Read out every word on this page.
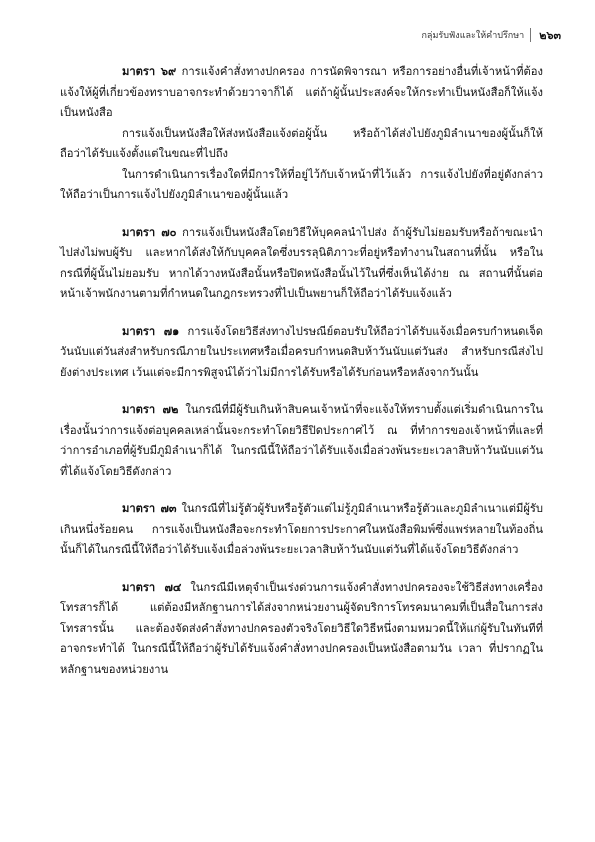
กลุ่มรับฟังและให้คำปรึกษา	๒๖๓

มาตรา ๖๙ การแจ้งคำสั่งทางปกครอง การนัดพิจารณา หรือการอย่างอื่นที่เจ้าหน้าที่ต้องแจ้งให้ผู้ที่เกี่ยวข้องทราบอาจกระทำด้วยวาจาก็ได้ แต่ถ้าผู้นั้นประสงค์จะให้กระทำเป็นหนังสือก็ให้แจ้งเป็นหนังสือ

การแจ้งเป็นหนังสือให้ส่งหนังสือแจ้งต่อผู้นั้น หรือถ้าได้ส่งไปยังภูมิลำเนาของผู้นั้นก็ให้ถือว่าได้รับแจ้งตั้งแต่ในขณะที่ไปถึง

ในการดำเนินการเรื่องใดที่มีการให้ที่อยู่ไว้กับเจ้าหน้าที่ไว้แล้ว การแจ้งไปยังที่อยู่ดังกล่าวให้ถือว่าเป็นการแจ้งไปยังภูมิลำเนาของผู้นั้นแล้ว

มาตรา ๗๐ การแจ้งเป็นหนังสือโดยวิธีให้บุคคลนำไปส่ง ถ้าผู้รับไม่ยอมรับหรือถ้าขณะนำไปส่งไม่พบผู้รับ และหากได้ส่งให้กับบุคคลใดซึ่งบรรลุนิติภาวะที่อยู่หรือทำงานในสถานที่นั้น หรือในกรณีที่ผู้นั้นไม่ยอมรับ หากได้วางหนังสือนั้นหรือปิดหนังสือนั้นไว้ในที่ซึ่งเห็นได้ง่าย ณ สถานที่นั้นต่อหน้าเจ้าพนักงานตามที่กำหนดในกฎกระทรวงที่ไปเป็นพยานก็ให้ถือว่าได้รับแจ้งแล้ว

มาตรา ๗๑ การแจ้งโดยวิธีส่งทางไปรษณีย์ตอบรับให้ถือว่าได้รับแจ้งเมื่อครบกำหนดเจ็ดวันนับแต่วันส่งสำหรับกรณีภายในประเทศหรือเมื่อครบกำหนดสิบห้าวันนับแต่วันส่ง สำหรับกรณีส่งไปยังต่างประเทศ เว้นแต่จะมีการพิสูจน์ได้ว่าไม่มีการได้รับหรือได้รับก่อนหรือหลังจากวันนั้น

มาตรา ๗๒ ในกรณีที่มีผู้รับเกินห้าสิบคนเจ้าหน้าที่จะแจ้งให้ทราบตั้งแต่เริ่มดำเนินการในเรื่องนั้นว่าการแจ้งต่อบุคคลเหล่านั้นจะกระทำโดยวิธีปิดประกาศไว้ ณ ที่ทำการของเจ้าหน้าที่และที่ว่าการอำเภอที่ผู้รับมีภูมิลำเนาก็ได้ ในกรณีนี้ให้ถือว่าได้รับแจ้งเมื่อล่วงพ้นระยะเวลาสิบห้าวันนับแต่วันที่ได้แจ้งโดยวิธีดังกล่าว

มาตรา ๗๓ ในกรณีที่ไม่รู้ตัวผู้รับหรือรู้ตัวแต่ไม่รู้ภูมิลำเนาหรือรู้ตัวและภูมิลำเนาแต่มีผู้รับเกินหนึ่งร้อยคน การแจ้งเป็นหนังสือจะกระทำโดยการประกาศในหนังสือพิมพ์ซึ่งแพร่หลายในท้องถิ่นนั้นก็ได้ในกรณีนี้ให้ถือว่าได้รับแจ้งเมื่อล่วงพ้นระยะเวลาสิบห้าวันนับแต่วันที่ได้แจ้งโดยวิธีดังกล่าว

มาตรา ๗๔ ในกรณีมีเหตุจำเป็นเร่งด่วนการแจ้งคำสั่งทางปกครองจะใช้วิธีส่งทางเครื่องโทรสารก็ได้ แต่ต้องมีหลักฐานการได้ส่งจากหน่วยงานผู้จัดบริการโทรคมนาคมที่เป็นสื่อในการส่งโทรสารนั้น และต้องจัดส่งคำสั่งทางปกครองตัวจริงโดยวิธีใดวิธีหนึ่งตามหมวดนี้ให้แก่ผู้รับในทันทีที่อาจกระทำได้ ในกรณีนี้ให้ถือว่าผู้รับได้รับแจ้งคำสั่งทางปกครองเป็นหนังสือตามวัน เวลา ที่ปรากฏในหลักฐานของหน่วยงาน
